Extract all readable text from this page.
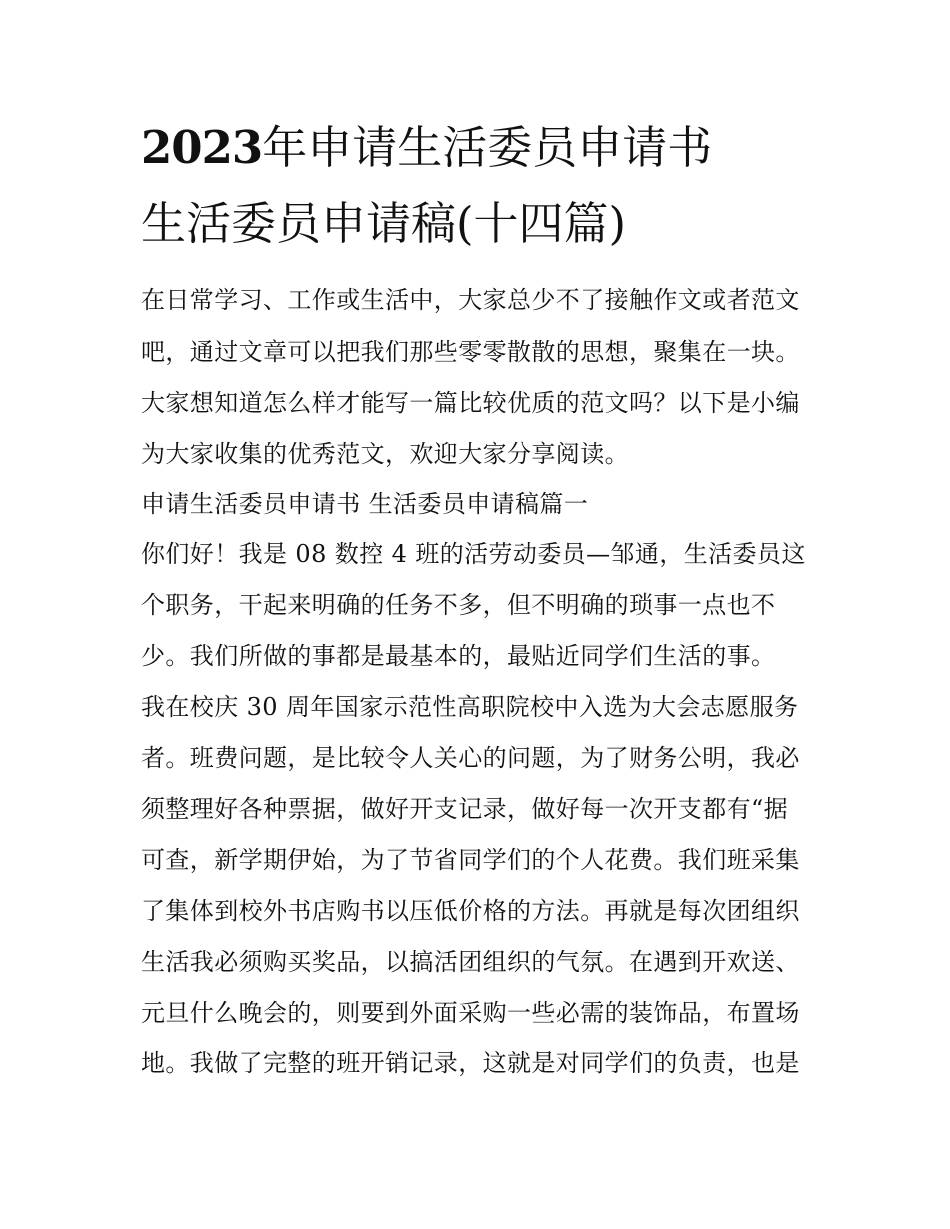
2023年申请生活委员申请书
生活委员申请稿(十四篇)

在日常学习、工作或生活中，大家总少不了接触作文或者范文

吧，通过文章可以把我们那些零零散散的思想，聚集在一块。

大家想知道怎么样才能写一篇比较优质的范文吗？以下是小编

为大家收集的优秀范文，欢迎大家分享阅读。

申请生活委员申请书 生活委员申请稿篇一

你们好！我是 08 数控 4 班的活劳动委员—邹通，生活委员这

个职务，干起来明确的任务不多，但不明确的琐事一点也不

少。我们所做的事都是最基本的，最贴近同学们生活的事。

我在校庆 30 周年国家示范性高职院校中入选为大会志愿服务

者。班费问题，是比较令人关心的问题，为了财务公明，我必

须整理好各种票据，做好开支记录，做好每一次开支都有“据

可查，新学期伊始，为了节省同学们的个人花费。我们班采集

了集体到校外书店购书以压低价格的方法。再就是每次团组织

生活我必须购买奖品，以搞活团组织的气氛。在遇到开欢送、

元旦什么晚会的，则要到外面采购一些必需的装饰品，布置场

地。我做了完整的班开销记录，这就是对同学们的负责，也是
